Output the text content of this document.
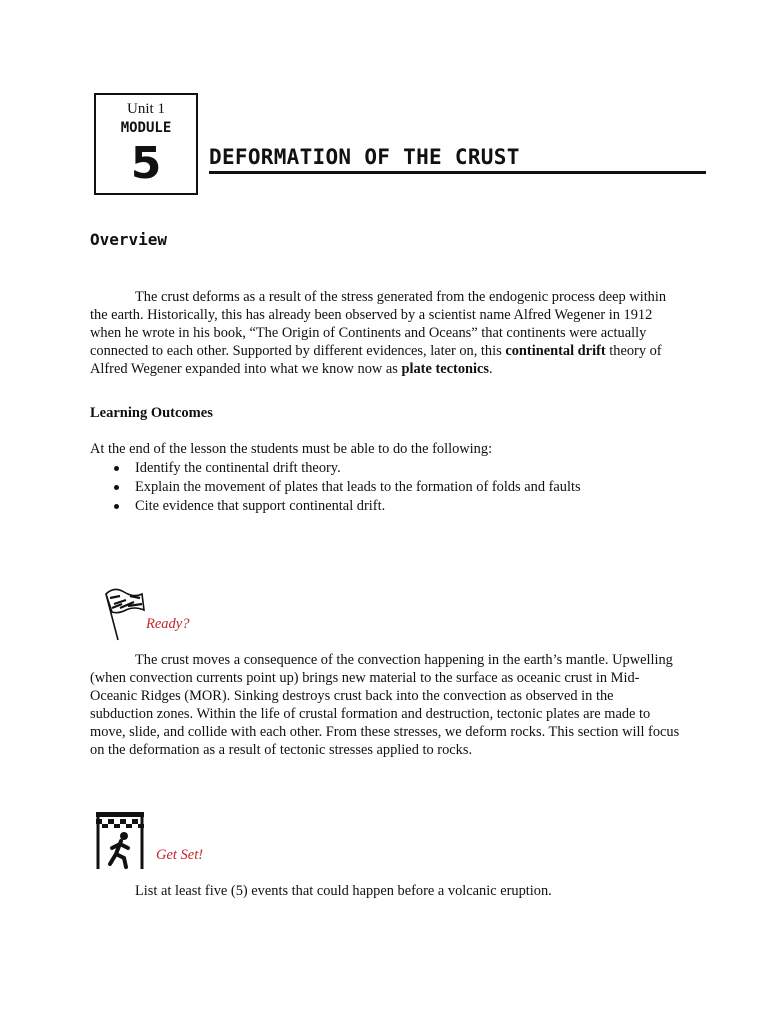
Unit 1
MODULE
5	DEFORMATION OF THE CRUST
Overview

The crust deforms as a result of the stress generated from the endogenic process deep within the earth. Historically, this has already been observed by a scientist name Alfred Wegener in 1912 when he wrote in his book, “The Origin of Continents and Oceans” that continents were actually connected to each other. Supported by different evidences, later on, this continental drift theory of Alfred Wegener expanded into what we know now as plate tectonics.

Learning Outcomes
At the end of the lesson the students must be able to do the following:
Identify the continental drift theory.
Explain the movement of plates that leads to the formation of folds and faults
Cite evidence that support continental drift.
Ready?

The crust moves a consequence of the convection happening in the earth’s mantle. Upwelling (when convection currents point up) brings new material to the surface as oceanic crust in Mid-Oceanic Ridges (MOR). Sinking destroys crust back into the convection as observed in the subduction zones. Within the life of crustal formation and destruction, tectonic plates are made to move, slide, and collide with each other. From these stresses, we deform rocks. This section will focus on the deformation as a result of tectonic stresses applied to rocks.

Get Set!
List at least five (5) events that could happen before a volcanic eruption.
